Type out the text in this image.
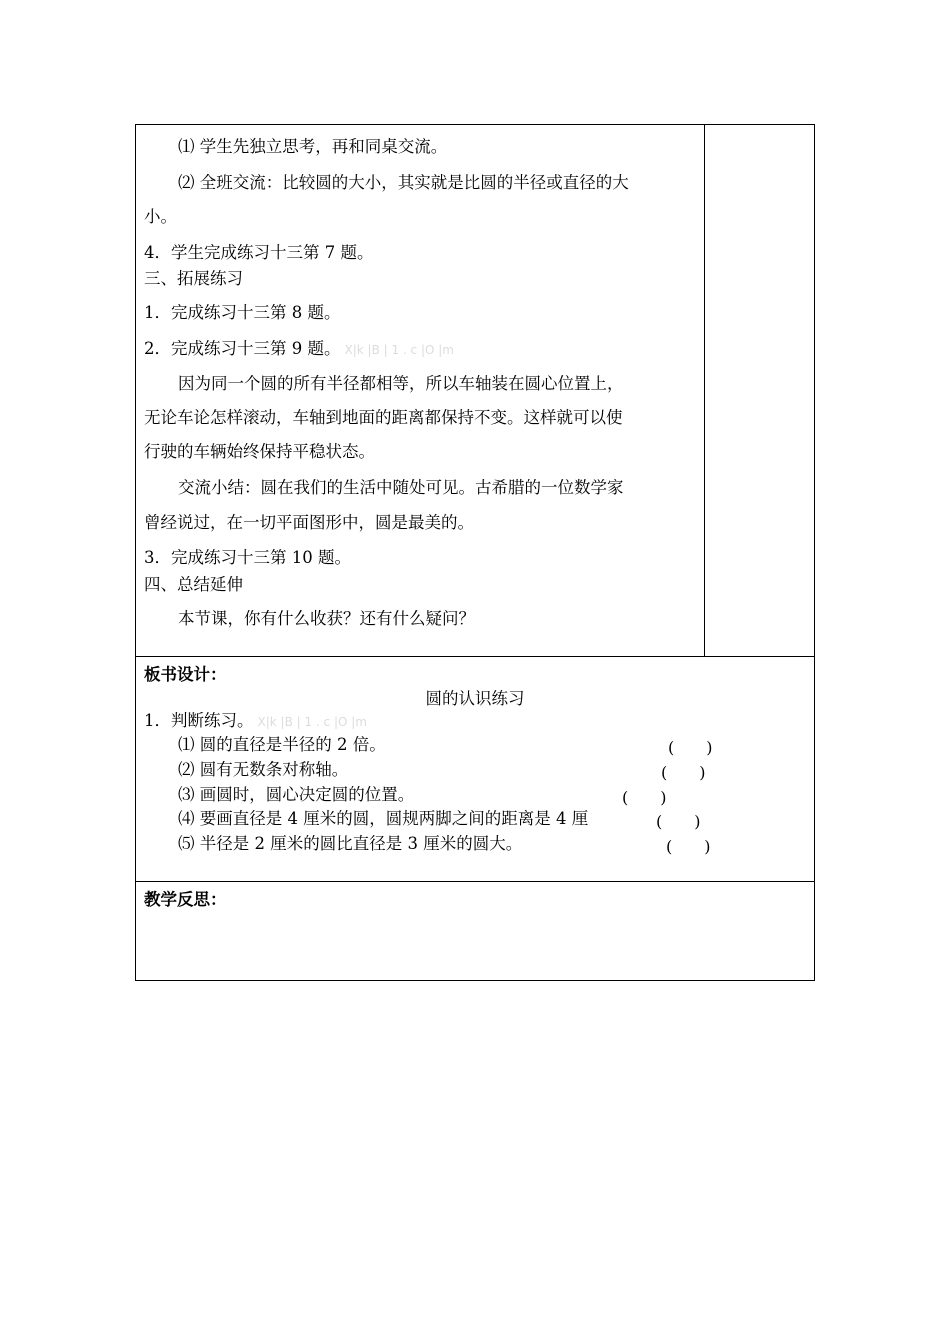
⑴ 学生先独立思考，再和同桌交流。
⑵ 全班交流：比较圆的大小，其实就是比圆的半径或直径的大
小。
4．学生完成练习十三第 7 题。
三、拓展练习
1．完成练习十三第 8 题。
2．完成练习十三第 9 题。 X|k |B | 1 . c |O |m
因为同一个圆的所有半径都相等，所以车轴装在圆心位置上，
无论车论怎样滚动，车轴到地面的距离都保持不变。这样就可以使
行驶的车辆始终保持平稳状态。
交流小结：圆在我们的生活中随处可见。古希腊的一位数学家
曾经说过，在一切平面图形中，圆是最美的。
3．完成练习十三第 10 题。
四、总结延伸
本节课，你有什么收获？还有什么疑问？
板书设计：
圆的认识练习
1．判断练习。 X|k |B | 1 . c |O |m
⑴ 圆的直径是半径的 2 倍。	(　　)
⑵ 圆有无数条对称轴。	(　　)
⑶ 画圆时，圆心决定圆的位置。	(　　)
⑷ 要画直径是 4 厘米的圆，圆规两脚之间的距离是 4 厘	(　　)
⑸ 半径是 2 厘米的圆比直径是 3 厘米的圆大。	(　　)
教学反思：
